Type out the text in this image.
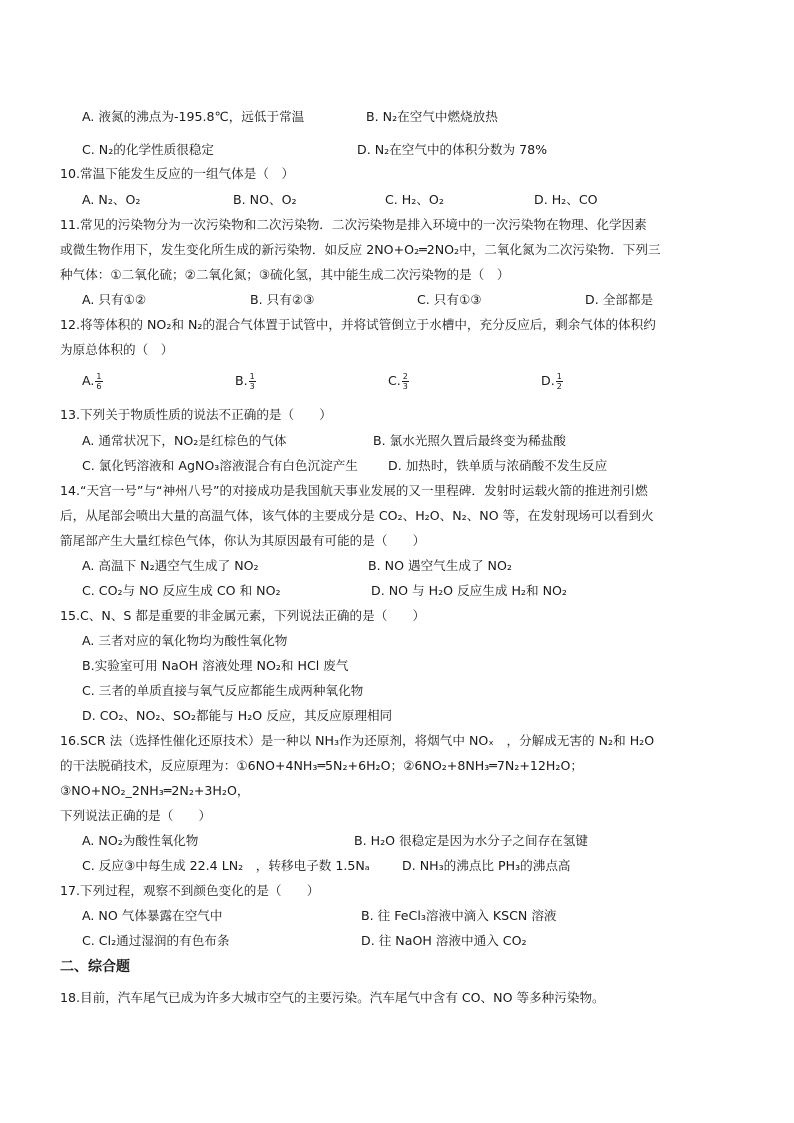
A. 液氮的沸点为-195.8℃，远低于常温	B. N₂在空气中燃烧放热
C. N₂的化学性质很稳定	D. N₂在空气中的体积分数为 78%
10.常温下能发生反应的一组气体是（　）
A. N₂、O₂	B. NO、O₂	C. H₂、O₂	D. H₂、CO
11.常见的污染物分为一次污染物和二次污染物．二次污染物是排入环境中的一次污染物在物理、化学因素
或微生物作用下，发生变化所生成的新污染物．如反应 2NO+O₂═2NO₂中，二氧化氮为二次污染物．下列三
种气体：①二氧化硫；②二氧化氮；③硫化氢，其中能生成二次污染物的是（　）
A. 只有①②	B. 只有②③	C. 只有①③	D. 全部都是
12.将等体积的 NO₂和 N₂的混合气体置于试管中，并将试管倒立于水槽中，充分反应后，剩余气体的体积约
为原总体积的（　）
A. $\frac{1}{6}$	B. $\frac{1}{3}$	C. $\frac{2}{3}$	D. $\frac{1}{2}$
13.下列关于物质性质的说法不正确的是（　　）
A. 通常状况下，NO₂是红棕色的气体	B. 氯水光照久置后最终变为稀盐酸
C. 氯化钙溶液和 AgNO₃溶液混合有白色沉淀产生 D. 加热时，铁单质与浓硝酸不发生反应
14.“天宫一号”与“神州八号”的对接成功是我国航天事业发展的又一里程碑．发射时运载火箭的推进剂引燃
后，从尾部会喷出大量的高温气体，该气体的主要成分是 CO₂、H₂O、N₂、NO 等，在发射现场可以看到火
箭尾部产生大量红棕色气体，你认为其原因最有可能的是（　　）
A. 高温下 N₂遇空气生成了 NO₂	B. NO 遇空气生成了 NO₂
C. CO₂与 NO 反应生成 CO 和 NO₂	D. NO 与 H₂O 反应生成 H₂和 NO₂
15.C、N、S 都是重要的非金属元素，下列说法正确的是（　　）
A. 三者对应的氧化物均为酸性氧化物
B.实验室可用 NaOH 溶液处理 NO₂和 HCl 废气
C. 三者的单质直接与氧气反应都能生成两种氧化物
D. CO₂、NO₂、SO₂都能与 H₂O 反应，其反应原理相同
16.SCR 法（选择性催化还原技术）是一种以 NH₃作为还原剂，将烟气中 NOₓ　，分解成无害的 N₂和 H₂O
的干法脱硝技术，反应原理为：①6NO+4NH₃═5N₂+6H₂O；②6NO₂+8NH₃═7N₂+12H₂O；
③NO+NO₂_2NH₃═2N₂+3H₂O，
下列说法正确的是（　　）
A. NO₂为酸性氧化物	B. H₂O 很稳定是因为水分子之间存在氢键
C. 反应③中每生成 22.4 LN₂　，转移电子数 1.5Nₐ	D. NH₃的沸点比 PH₃的沸点高
17.下列过程，观察不到颜色变化的是（　　）
A. NO 气体暴露在空气中	B. 往 FeCl₃溶液中滴入 KSCN 溶液
C. Cl₂通过湿润的有色布条	D. 往 NaOH 溶液中通入 CO₂
二、综合题
18.目前，汽车尾气已成为许多大城市空气的主要污染。汽车尾气中含有 CO、NO 等多种污染物。
